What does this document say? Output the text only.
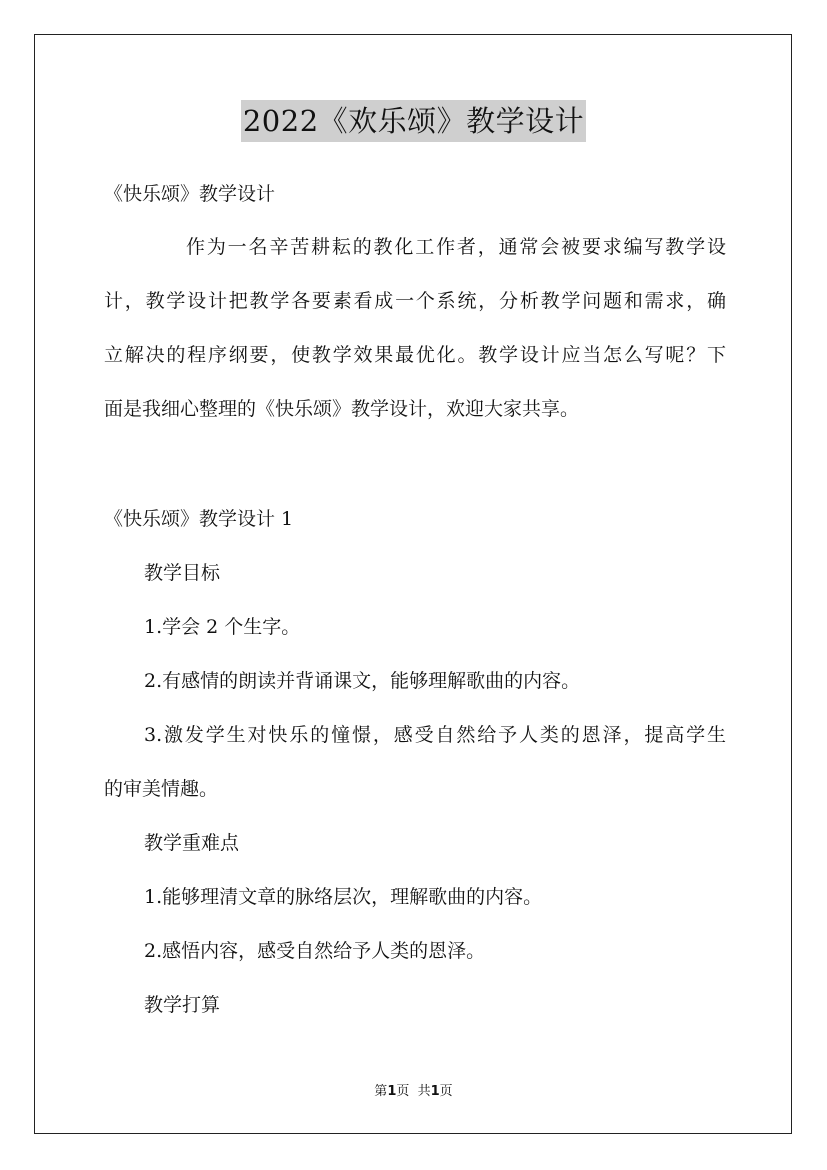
2022《欢乐颂》教学设计
《快乐颂》教学设计
作为一名辛苦耕耘的教化工作者，通常会被要求编写教学设
计，教学设计把教学各要素看成一个系统，分析教学问题和需求，确
立解决的程序纲要，使教学效果最优化。教学设计应当怎么写呢？下
面是我细心整理的《快乐颂》教学设计，欢迎大家共享。
《快乐颂》教学设计 1
教学目标
1.学会 2 个生字。
2.有感情的朗读并背诵课文，能够理解歌曲的内容。
3.激发学生对快乐的憧憬，感受自然给予人类的恩泽，提高学生
的审美情趣。
教学重难点
1.能够理清文章的脉络层次，理解歌曲的内容。
2.感悟内容，感受自然给予人类的恩泽。
教学打算
第1页  共1页
